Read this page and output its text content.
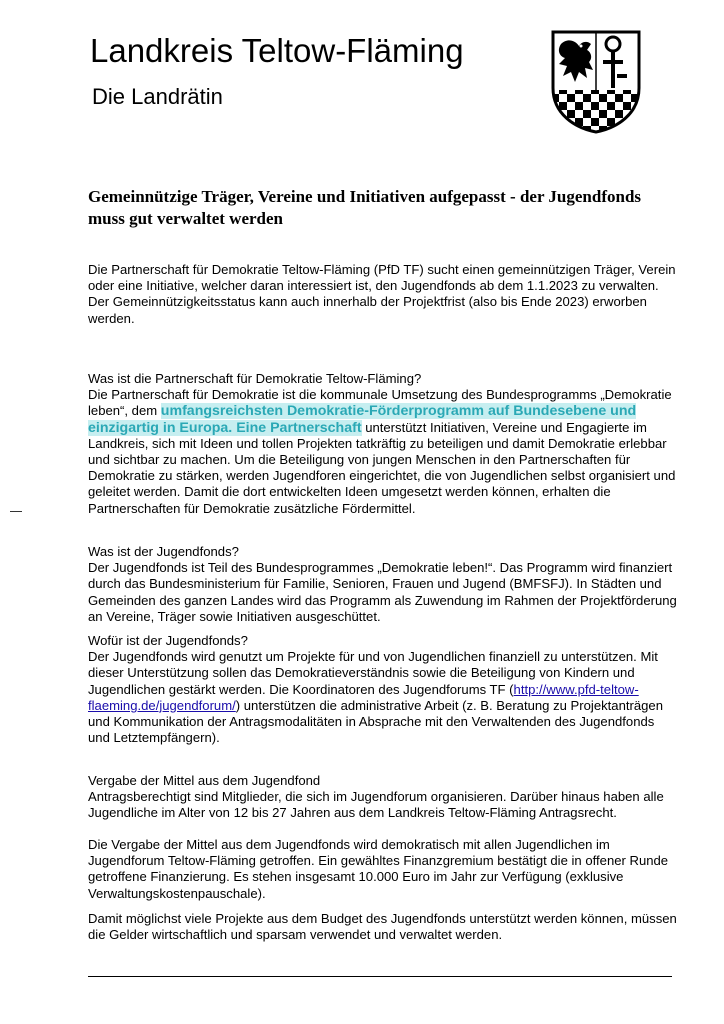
Landkreis Teltow-Fläming
Die Landrätin
Gemeinnützige Träger, Vereine und Initiativen aufgepasst - der Jugendfonds muss gut verwaltet werden

Die Partnerschaft für Demokratie Teltow-Fläming (PfD TF) sucht einen gemeinnützigen Träger, Verein oder eine Initiative, welcher daran interessiert ist, den Jugendfonds ab dem 1.1.2023 zu verwalten. Der Gemeinnützigkeitsstatus kann auch innerhalb der Projektfrist (also bis Ende 2023) erworben werden.

Was ist die Partnerschaft für Demokratie Teltow-Fläming?

Die Partnerschaft für Demokratie ist die kommunale Umsetzung des Bundesprogramms „Demokratie leben“, dem umfangsreichsten Demokratie-Förderprogramm auf Bundesebene und einzigartig in Europa. Eine Partnerschaft unterstützt Initiativen, Vereine und Engagierte im Landkreis, sich mit Ideen und tollen Projekten tatkräftig zu beteiligen und damit Demokratie erlebbar und sichtbar zu machen. Um die Beteiligung von jungen Menschen in den Partnerschaften für Demokratie zu stärken, werden Jugendforen eingerichtet, die von Jugendlichen selbst organisiert und geleitet werden. Damit die dort entwickelten Ideen umgesetzt werden können, erhalten die Partnerschaften für Demokratie zusätzliche Fördermittel.

Was ist der Jugendfonds?

Der Jugendfonds ist Teil des Bundesprogrammes „Demokratie leben!“. Das Programm wird finanziert durch das Bundesministerium für Familie, Senioren, Frauen und Jugend (BMFSFJ). In Städten und Gemeinden des ganzen Landes wird das Programm als Zuwendung im Rahmen der Projektförderung an Vereine, Träger sowie Initiativen ausgeschüttet.

Wofür ist der Jugendfonds?

Der Jugendfonds wird genutzt um Projekte für und von Jugendlichen finanziell zu unterstützen. Mit dieser Unterstützung sollen das Demokratieverständnis sowie die Beteiligung von Kindern und Jugendlichen gestärkt werden. Die Koordinatoren des Jugendforums TF (http://www.pfd-teltow-flaeming.de/jugendforum/) unterstützen die administrative Arbeit (z. B. Beratung zu Projektanträgen und Kommunikation der Antragsmodalitäten in Absprache mit den Verwaltenden des Jugendfonds und Letztempfängern).

Vergabe der Mittel aus dem Jugendfond

Antragsberechtigt sind Mitglieder, die sich im Jugendforum organisieren. Darüber hinaus haben alle Jugendliche im Alter von 12 bis 27 Jahren aus dem Landkreis Teltow-Fläming Antragsrecht.

Die Vergabe der Mittel aus dem Jugendfonds wird demokratisch mit allen Jugendlichen im Jugendforum Teltow-Fläming getroffen. Ein gewähltes Finanzgremium bestätigt die in offener Runde getroffene Finanzierung. Es stehen insgesamt 10.000 Euro im Jahr zur Verfügung (exklusive Verwaltungskostenpauschale).

Damit möglichst viele Projekte aus dem Budget des Jugendfonds unterstützt werden können, müssen die Gelder wirtschaftlich und sparsam verwendet und verwaltet werden.
